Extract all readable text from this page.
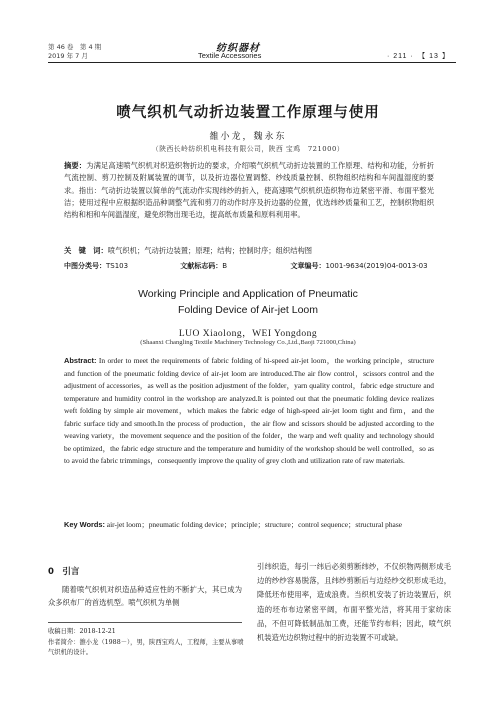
第 46 卷　第 4 期
2019 年 7 月
纺织器材
Textile Accessories	· 211 ·　【 13 】
喷气织机气动折边装置工作原理与使用
雒小龙，魏永东
（陕西长岭纺织机电科技有限公司，陕西 宝鸡　721000）
摘要：为满足高速喷气织机对织造织物折边的要求，介绍喷气织机气动折边装置的工作原理、结构和功能，分析折气流控制、剪刀控制及附属装置的调节，以及折边器位置调整、纱线质量控制、织物组织结构和车间温湿度的要求。指出：气动折边装置以简单的气流动作实现纬纱的折入，使高速喷气织机织造织物布边紧密平滑、布面平整光洁；使用过程中应根据织造品种调整气流和剪刀的动作时序及折边器的位置，优选纬纱质量和工艺，控制织物组织结构和相和车间温湿度，避免织物出现毛边，提高纸布质量和原料利用率。
关　键　词：喷气织机；气动折边装置；原理；结构；控制时序；组织结构图
中图分类号：TS103	文献标志码：B	文章编号：1001-9634(2019)04-0013-03
Working Principle and Application of Pneumatic
Folding Device of Air-jet Loom
LUO Xiaolong，WEI Yongdong
(Shaanxi Changling Textile Machinery Technology Co.,Ltd.,Baoji 721000,China)
Abstract: In order to meet the requirements of fabric folding of hi-speed air-jet loom，the working principle，structure and function of the pneumatic folding device of air-jet loom are introduced.The air flow control，scissors control and the adjustment of accessories，as well as the position adjustment of the folder，yarn quality control，fabric edge structure and temperature and humidity control in the workshop are analyzed.It is pointed out that the pneumatic folding device realizes weft folding by simple air movement，which makes the fabric edge of high-speed air-jet loom tight and firm，and the fabric surface tidy and smooth.In the process of production，the air flow and scissors should be adjusted according to the weaving variety，the movement sequence and the position of the folder，the warp and weft quality and technology should be optimized，the fabric edge structure and the temperature and humidity of the workshop should be well controlled，so as to avoid the fabric trimmings，consequently improve the quality of grey cloth and utilization rate of raw materials.
Key Words: air-jet loom；pneumatic folding device；principle；structure；control sequence；structural phase
0　引言
随着喷气织机对织造品种适应性的不断扩大，其已成为众多织布厂的首选机型。喷气织机为单侧
收稿日期：2018-12-21
作者简介：雒小龙（1988－），男，陕西宝鸡人，工程师，主要从事喷气织机的设计。
引纬织造，每引一纬后必须剪断纬纱，不仅织物两侧形成毛边的纱纱容易脱落，且纬纱剪断后与边经纱交织形成毛边，降低坯布使用率，造成浪费。当织机安装了折边装置后，织造的坯布布边紧密平阔，布面平整光洁，将其用于家纺床品，不但可降低制品加工费，还能节约布料；因此，喷气织机装造光边织物过程中的折边装置不可或缺。
